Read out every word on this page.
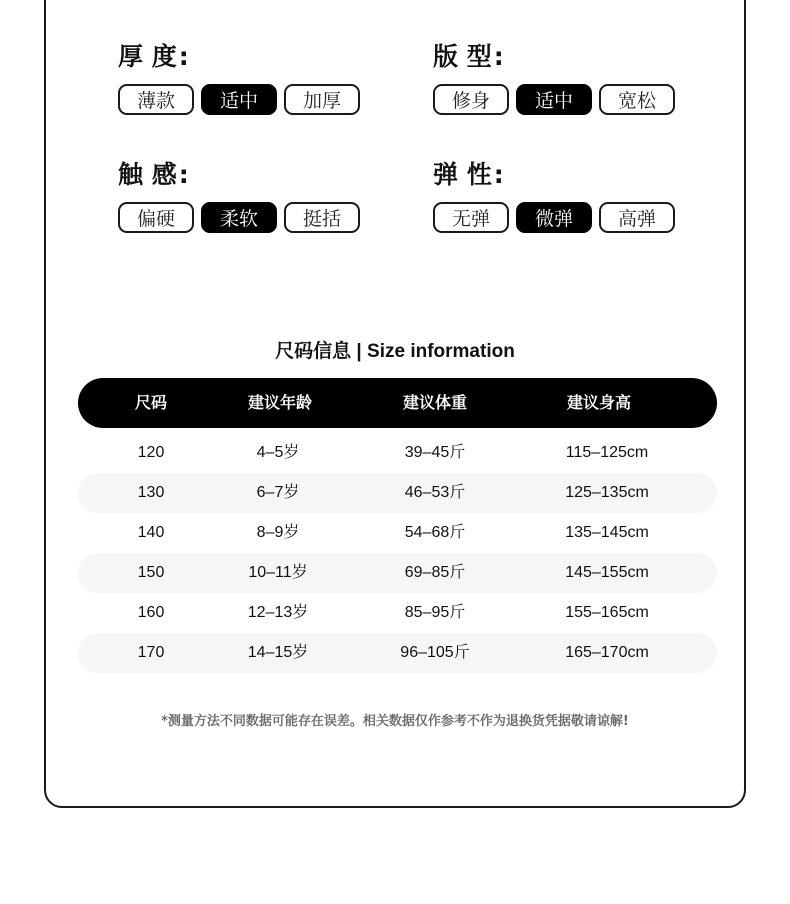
厚 度:
薄款	适中	加厚
版 型:
修身	适中	宽松
触 感:
偏硬	柔软	挺括
弹 性:
无弹	微弹	高弹
尺码信息 | Size information
尺码	建议年龄	建议体重	建议身高
120	4–5岁	39–45斤	115–125cm
130	6–7岁	46–53斤	125–135cm
140	8–9岁	54–68斤	135–145cm
150	10–11岁	69–85斤	145–155cm
160	12–13岁	85–95斤	155–165cm
170	14–15岁	96–105斤	165–170cm
*测量方法不同数据可能存在误差。相关数据仅作参考不作为退换货凭据敬请谅解!
